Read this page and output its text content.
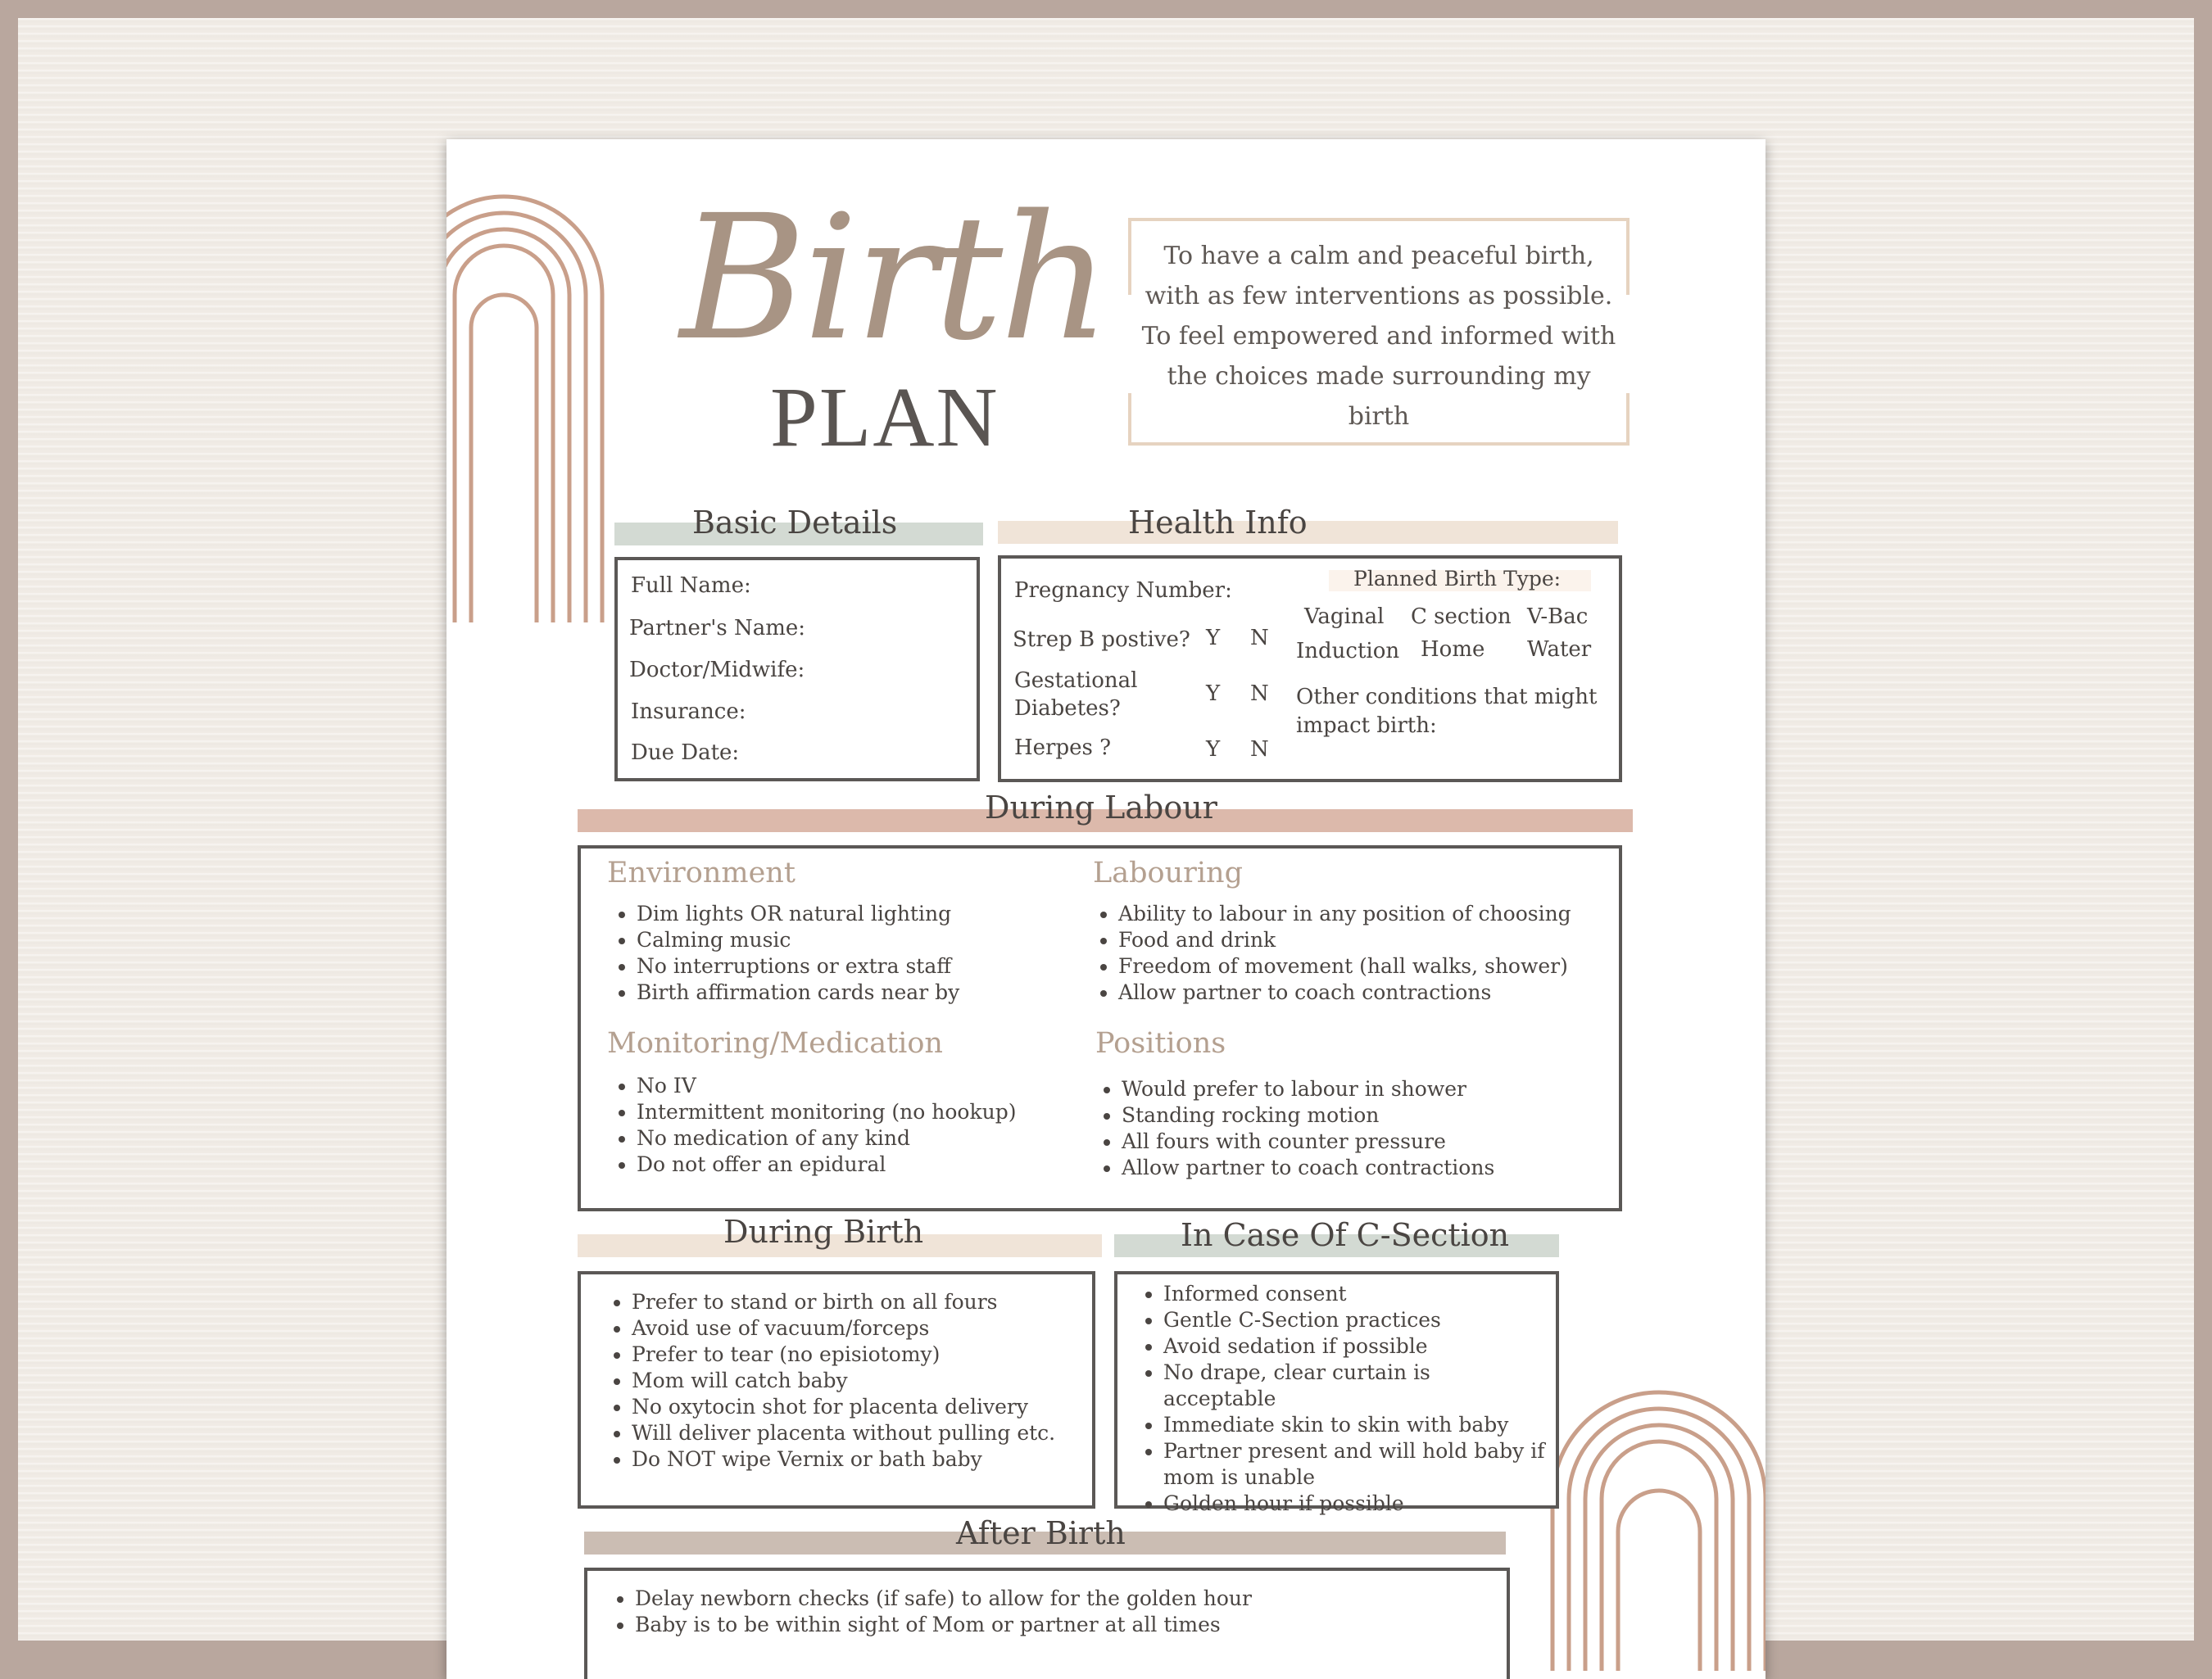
Birth
PLAN
To have a calm and peaceful birth,
with as few interventions as possible.
To feel empowered and informed with
the choices made surrounding my
birth
Basic Details
Full Name:
Partner's Name:
Doctor/Midwife:
Insurance:
Due Date:
Health Info
Pregnancy Number:
Strep B postive? Y N
Gestational
Diabetes?
Y N
Herpes ?	Y N
Planned Birth Type:
Vaginal C section V-Bac
Induction Home Water
Other conditions that might
impact birth:
During Labour
Environment
• Dim lights OR natural lighting
• Calming music
• No interruptions or extra staff
• Birth affirmation cards near by
Labouring
• Ability to labour in any position of choosing
• Food and drink
• Freedom of movement (hall walks, shower)
• Allow partner to coach contractions
Monitoring/Medication
• No IV
• Intermittent monitoring (no hookup)
• No medication of any kind
• Do not offer an epidural
Positions
• Would prefer to labour in shower
• Standing rocking motion
• All fours with counter pressure
• Allow partner to coach contractions
During Birth
• Prefer to stand or birth on all fours
• Avoid use of vacuum/forceps
• Prefer to tear (no episiotomy)
• Mom will catch baby
• No oxytocin shot for placenta delivery
• Will deliver placenta without pulling etc.
• Do NOT wipe Vernix or bath baby
In Case Of C-Section
• Informed consent
• Gentle C-Section practices
• Avoid sedation if possible
• No drape, clear curtain is acceptable
• Immediate skin to skin with baby
• Partner present and will hold baby if mom is unable
• Golden hour if possible
After Birth
• Delay newborn checks (if safe) to allow for the golden hour
• Baby is to be within sight of Mom or partner at all times
